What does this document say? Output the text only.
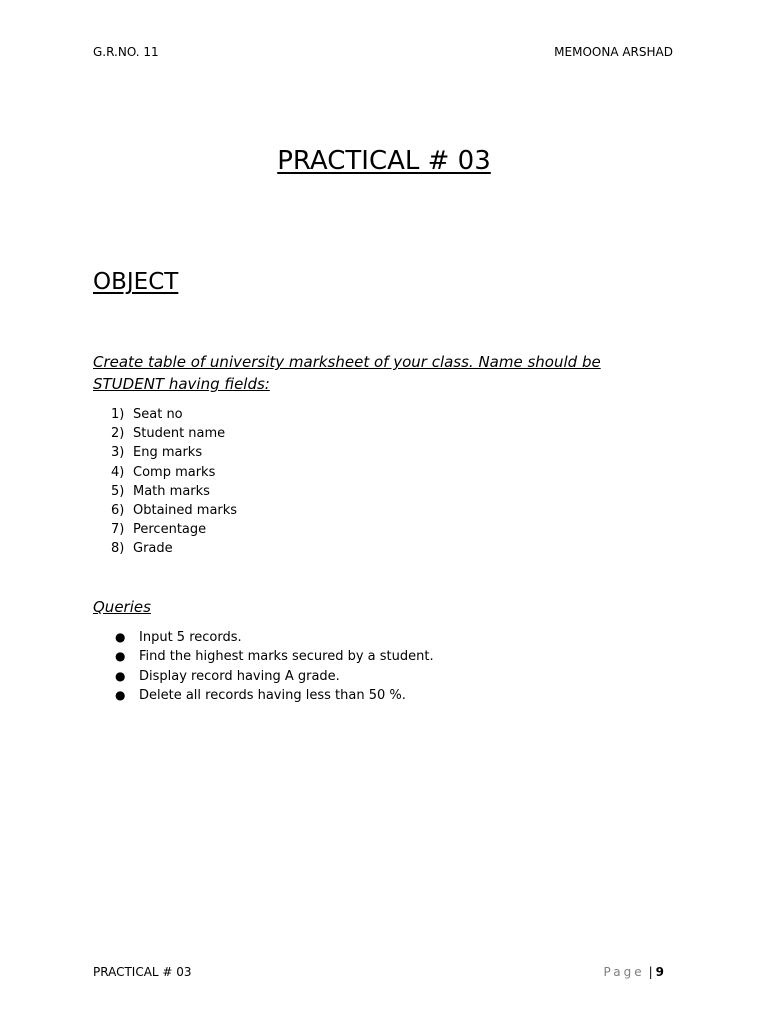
G.R.NO. 11	MEMOONA ARSHAD
PRACTICAL # 03
OBJECT
Create table of university marksheet of your class. Name should be STUDENT having fields:
1) Seat no
2) Student name
3) Eng marks
4) Comp marks
5) Math marks
6) Obtained marks
7) Percentage
8) Grade
Queries
● Input 5 records.
● Find the highest marks secured by a student.
● Display record having A grade.
● Delete all records having less than 50 %.
PRACTICAL # 03	Page | 9
